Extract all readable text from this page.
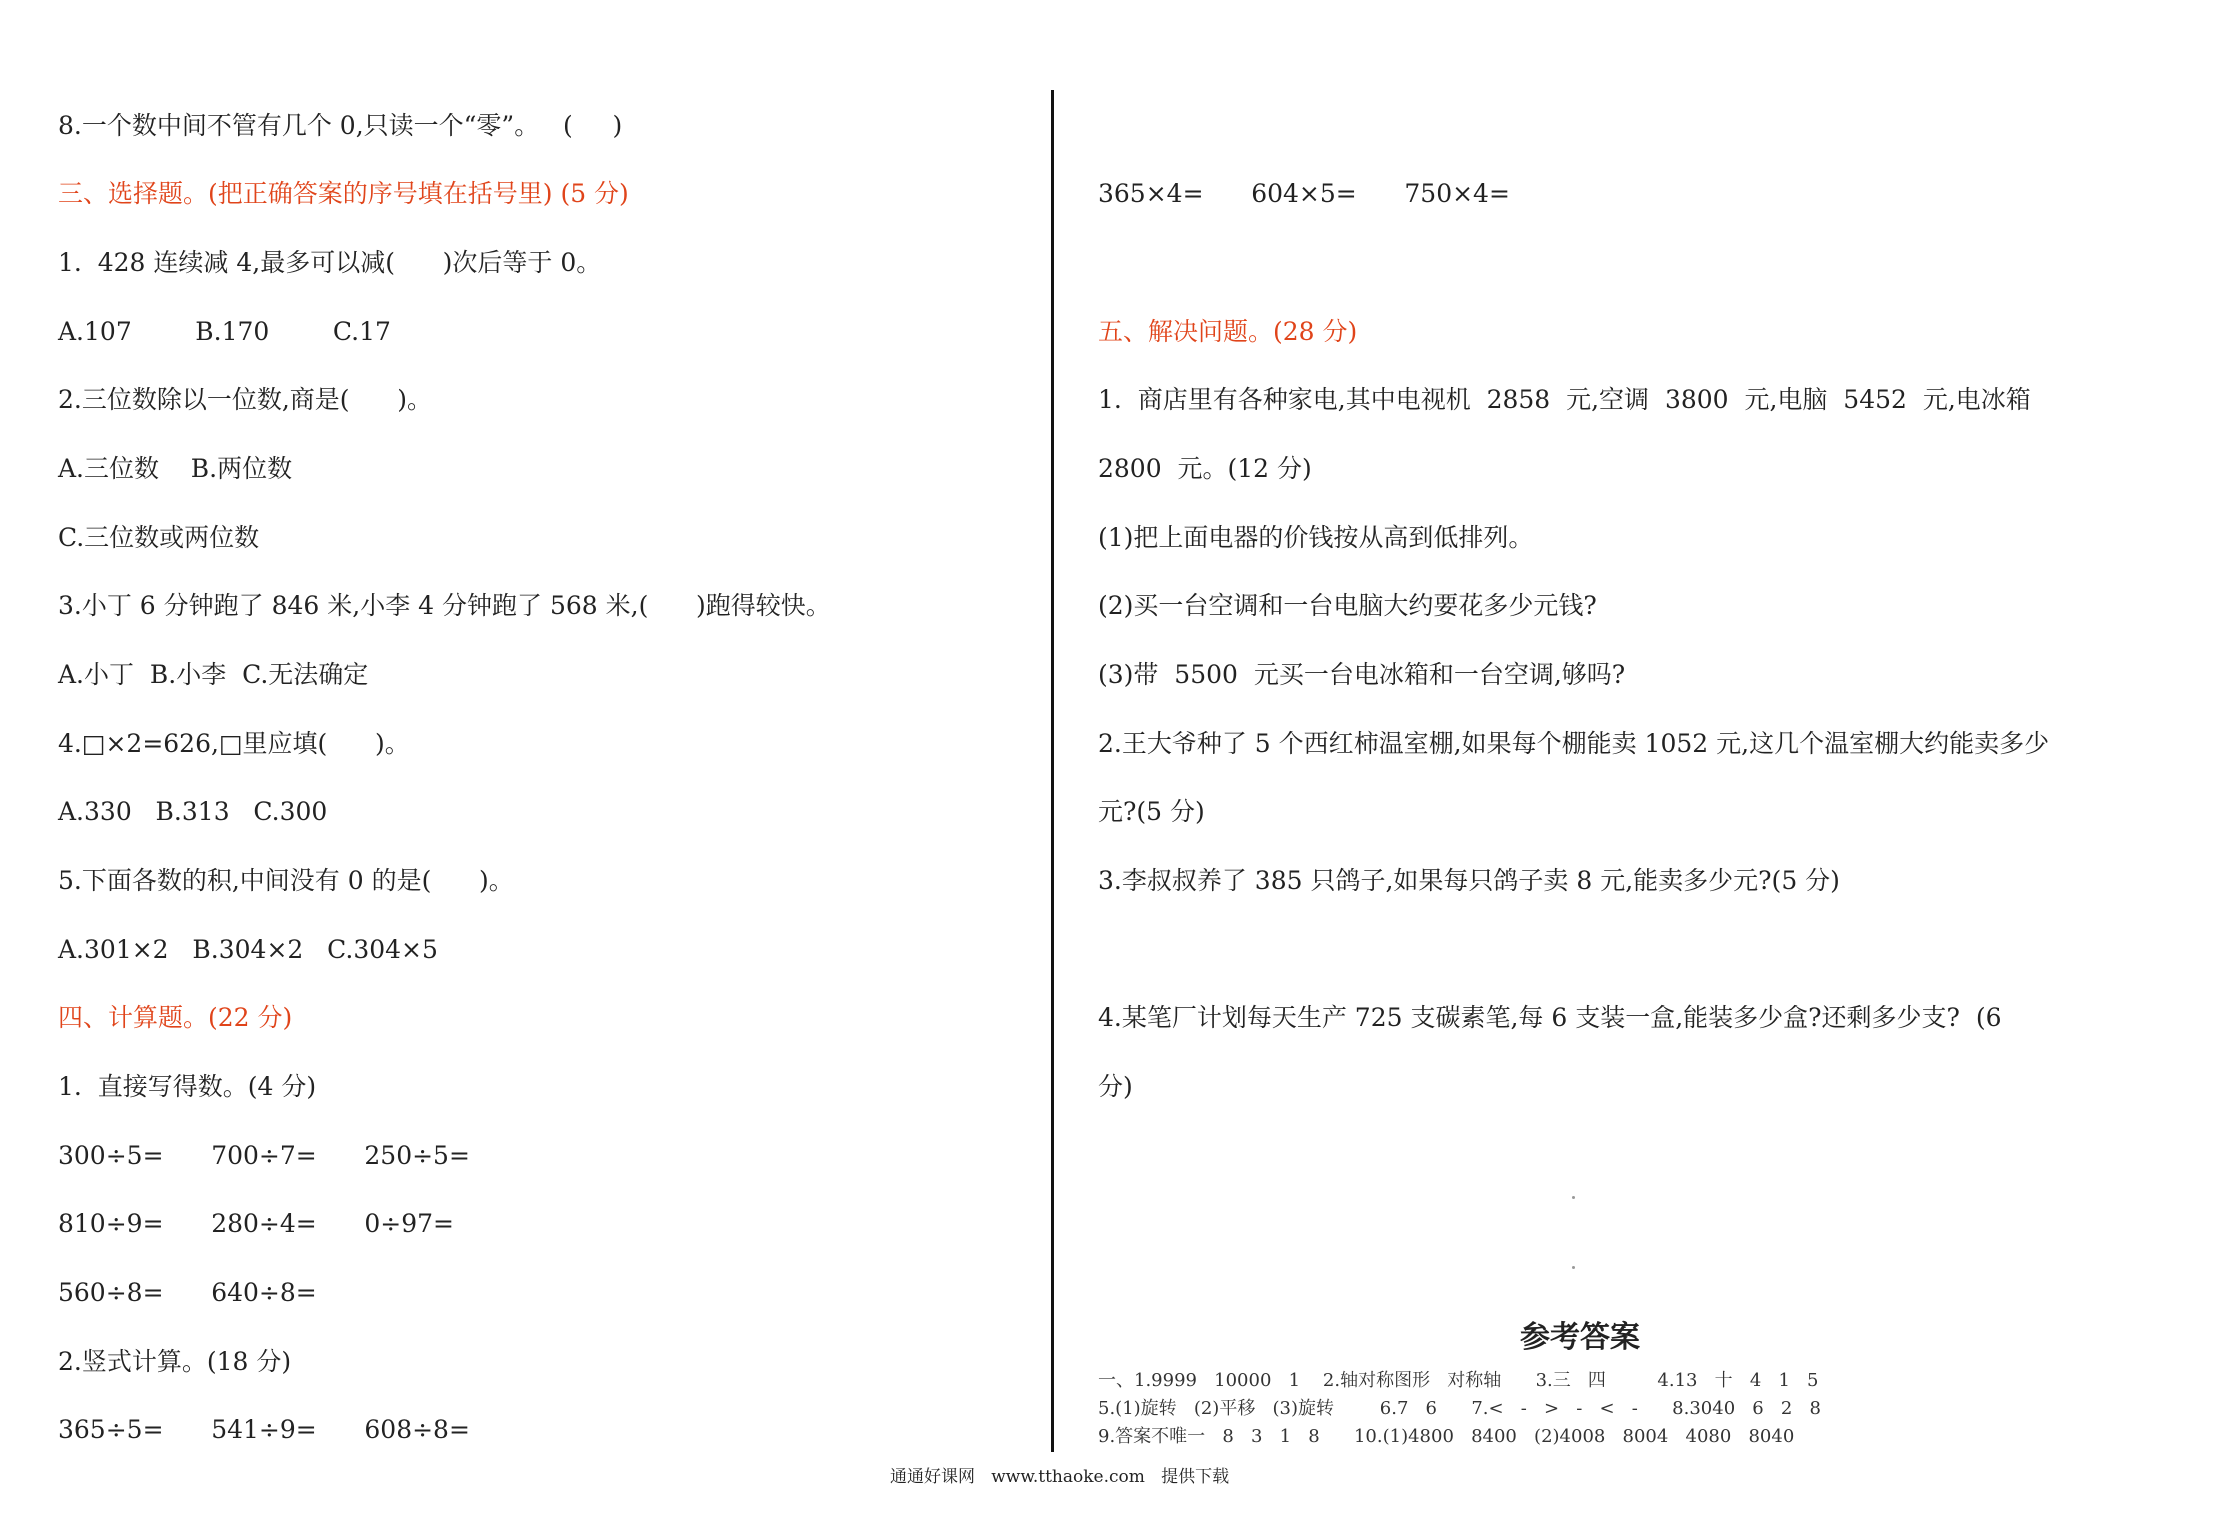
8.一个数中间不管有几个 0,只读一个“零”。   (     )
三、选择题。(把正确答案的序号填在括号里) (5 分)
1.  428 连续减 4,最多可以减(      )次后等于 0。
A.107        B.170        C.17
2.三位数除以一位数,商是(      )。
A.三位数    B.两位数
C.三位数或两位数
3.小丁 6 分钟跑了 846 米,小李 4 分钟跑了 568 米,(      )跑得较快。
A.小丁  B.小李  C.无法确定
4.□×2=626,□里应填(      )。
A.330   B.313   C.300
5.下面各数的积,中间没有 0 的是(      )。
A.301×2   B.304×2   C.304×5
四、计算题。(22 分)
1.  直接写得数。(4 分)
300÷5=      700÷7=      250÷5=
810÷9=      280÷4=      0÷97=
560÷8=      640÷8=
2.竖式计算。(18 分)
365÷5=      541÷9=      608÷8=
365×4=      604×5=      750×4=
五、解决问题。(28 分)
1.  商店里有各种家电,其中电视机  2858  元,空调  3800  元,电脑  5452  元,电冰箱
2800  元。(12 分)
(1)把上面电器的价钱按从高到低排列。
(2)买一台空调和一台电脑大约要花多少元钱?
(3)带  5500  元买一台电冰箱和一台空调,够吗?
2.王大爷种了 5 个西红柿温室棚,如果每个棚能卖 1052 元,这几个温室棚大约能卖多少
元?(5 分)
3.李叔叔养了 385 只鸽子,如果每只鸽子卖 8 元,能卖多少元?(5 分)
4.某笔厂计划每天生产 725 支碳素笔,每 6 支装一盒,能装多少盒?还剩多少支?  (6
分)
参考答案
一、1.9999   10000   1    2.轴对称图形   对称轴      3.三   四         4.13   十   4   1   5
5.(1)旋转   (2)平移   (3)旋转        6.7   6      7.<   -   >   -   <   -      8.3040   6   2   8
9.答案不唯一   8   3   1   8      10.(1)4800   8400   (2)4008   8004   4080   8040
通通好课网   www.tthaoke.com   提供下载
